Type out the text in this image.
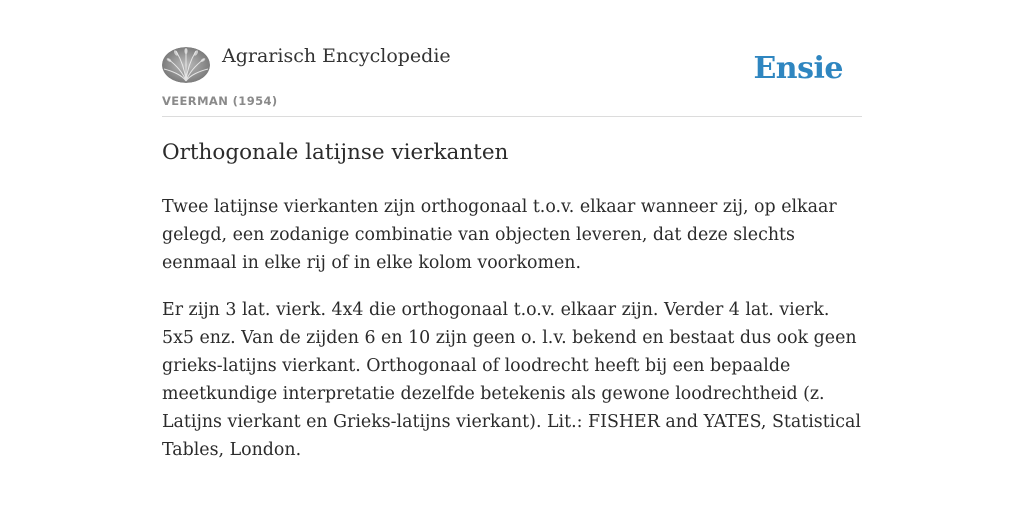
Agrarisch Encyclopedie
VEERMAN (1954)
Ensie
Orthogonale latijnse vierkanten

Twee latijnse vierkanten zijn orthogonaal t.o.v. elkaar wanneer zij, op elkaar gelegd, een zodanige combinatie van objecten leveren, dat deze slechts eenmaal in elke rij of in elke kolom voorkomen.

Er zijn 3 lat. vierk. 4x4 die orthogonaal t.o.v. elkaar zijn. Verder 4 lat. vierk. 5x5 enz. Van de zijden 6 en 10 zijn geen o. l.v. bekend en bestaat dus ook geen grieks-latijns vierkant. Orthogonaal of loodrecht heeft bij een bepaalde meetkundige interpretatie dezelfde betekenis als gewone loodrechtheid (z. Latijns vierkant en Grieks-latijns vierkant). Lit.: FISHER and YATES, Statistical Tables, London.
